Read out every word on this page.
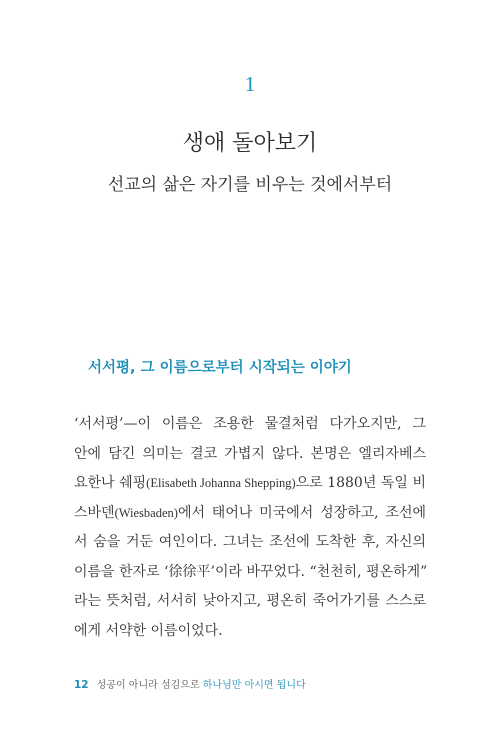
1
생애 돌아보기
선교의 삶은 자기를 비우는 것에서부터
서서평, 그 이름으로부터 시작되는 이야기
‘서서평’—이 이름은 조용한 물결처럼 다가오지만, 그
안에 담긴 의미는 결코 가볍지 않다. 본명은 엘리자베스
요한나 쉐핑(Elisabeth Johanna Shepping)으로 1880년 독일 비
스바덴(Wiesbaden)에서 태어나 미국에서 성장하고, 조선에
서 숨을 거둔 여인이다. 그녀는 조선에 도착한 후, 자신의
이름을 한자로 ‘徐徐平’이라 바꾸었다. “천천히, 평온하게”
라는 뜻처럼, 서서히 낮아지고, 평온히 죽어가기를 스스로
에게 서약한 이름이었다.
12 성공이 아니라 섬김으로 하나님만 아시면 됩니다
